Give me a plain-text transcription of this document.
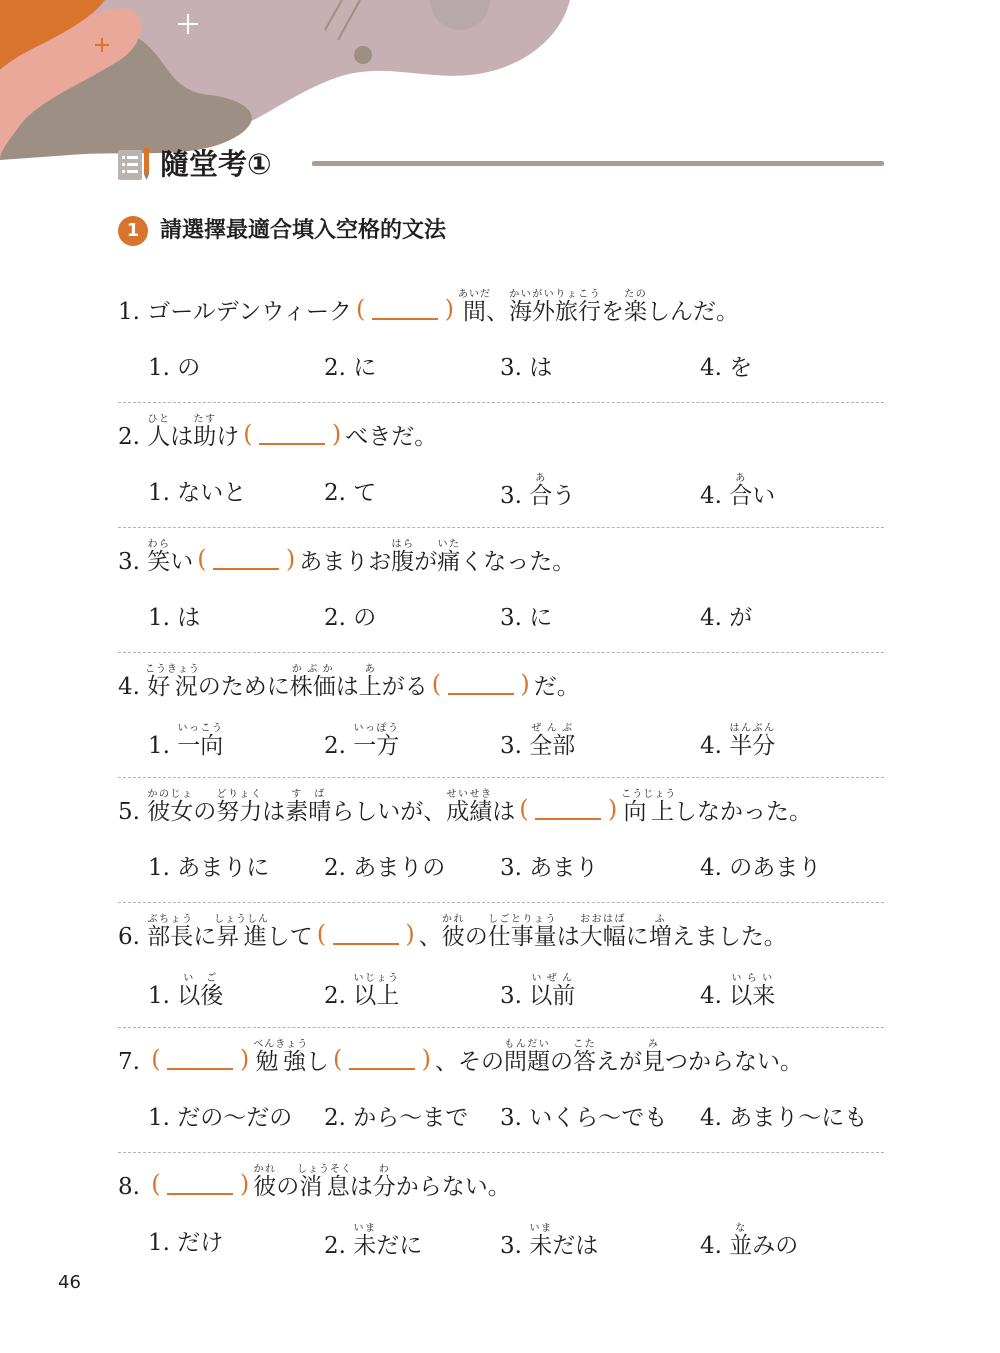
隨堂考①
1 請選擇最適合填入空格的文法
1. ゴールデンウィーク (	) 間あいだ、海外旅行かいがいりょこうを楽たのしんだ。
1. の	2. に	3. は	4. を
2. 人ひとは助たすけ (	) べきだ。
1. ないと	2. て	3. 合あう	4. 合あい
3. 笑わらい (	) あまりお腹はらが痛いたくなった。
1. は	2. の	3. に	4. が
4. 好況こうきょうのために株価かぶかは上あがる (	) だ。
1. 一向いっこう
2. 一方いっぽう
3. 全部ぜんぶ
4. 半分はんぶん
5. 彼女かのじょの努力どりょくは素晴すばらしいが、成績せいせきは (	) 向上こうじょうしなかった。
1. あまりに 2. あまりの 3. あまり	4. のあまり
6. 部長ぶちょうに昇進しょうしんして (	) 、彼かれの仕事量しごとりょうは大幅おおはばに増ふえました。
1. 以後いご
2. 以上いじょう
3. 以前いぜん
4. 以来いらい
7. (	) 勉強べんきょうし (	) 、その問題もんだいの答こたえが見みつからない。
1. だの～だの 2. から～まで 3. いくら～でも 4. あまり～にも
8. (	) 彼かれの消息しょうそくは分わからない。
1. だけ	2. 未いまだに	3. 未いまだは	4. 並なみの
46
